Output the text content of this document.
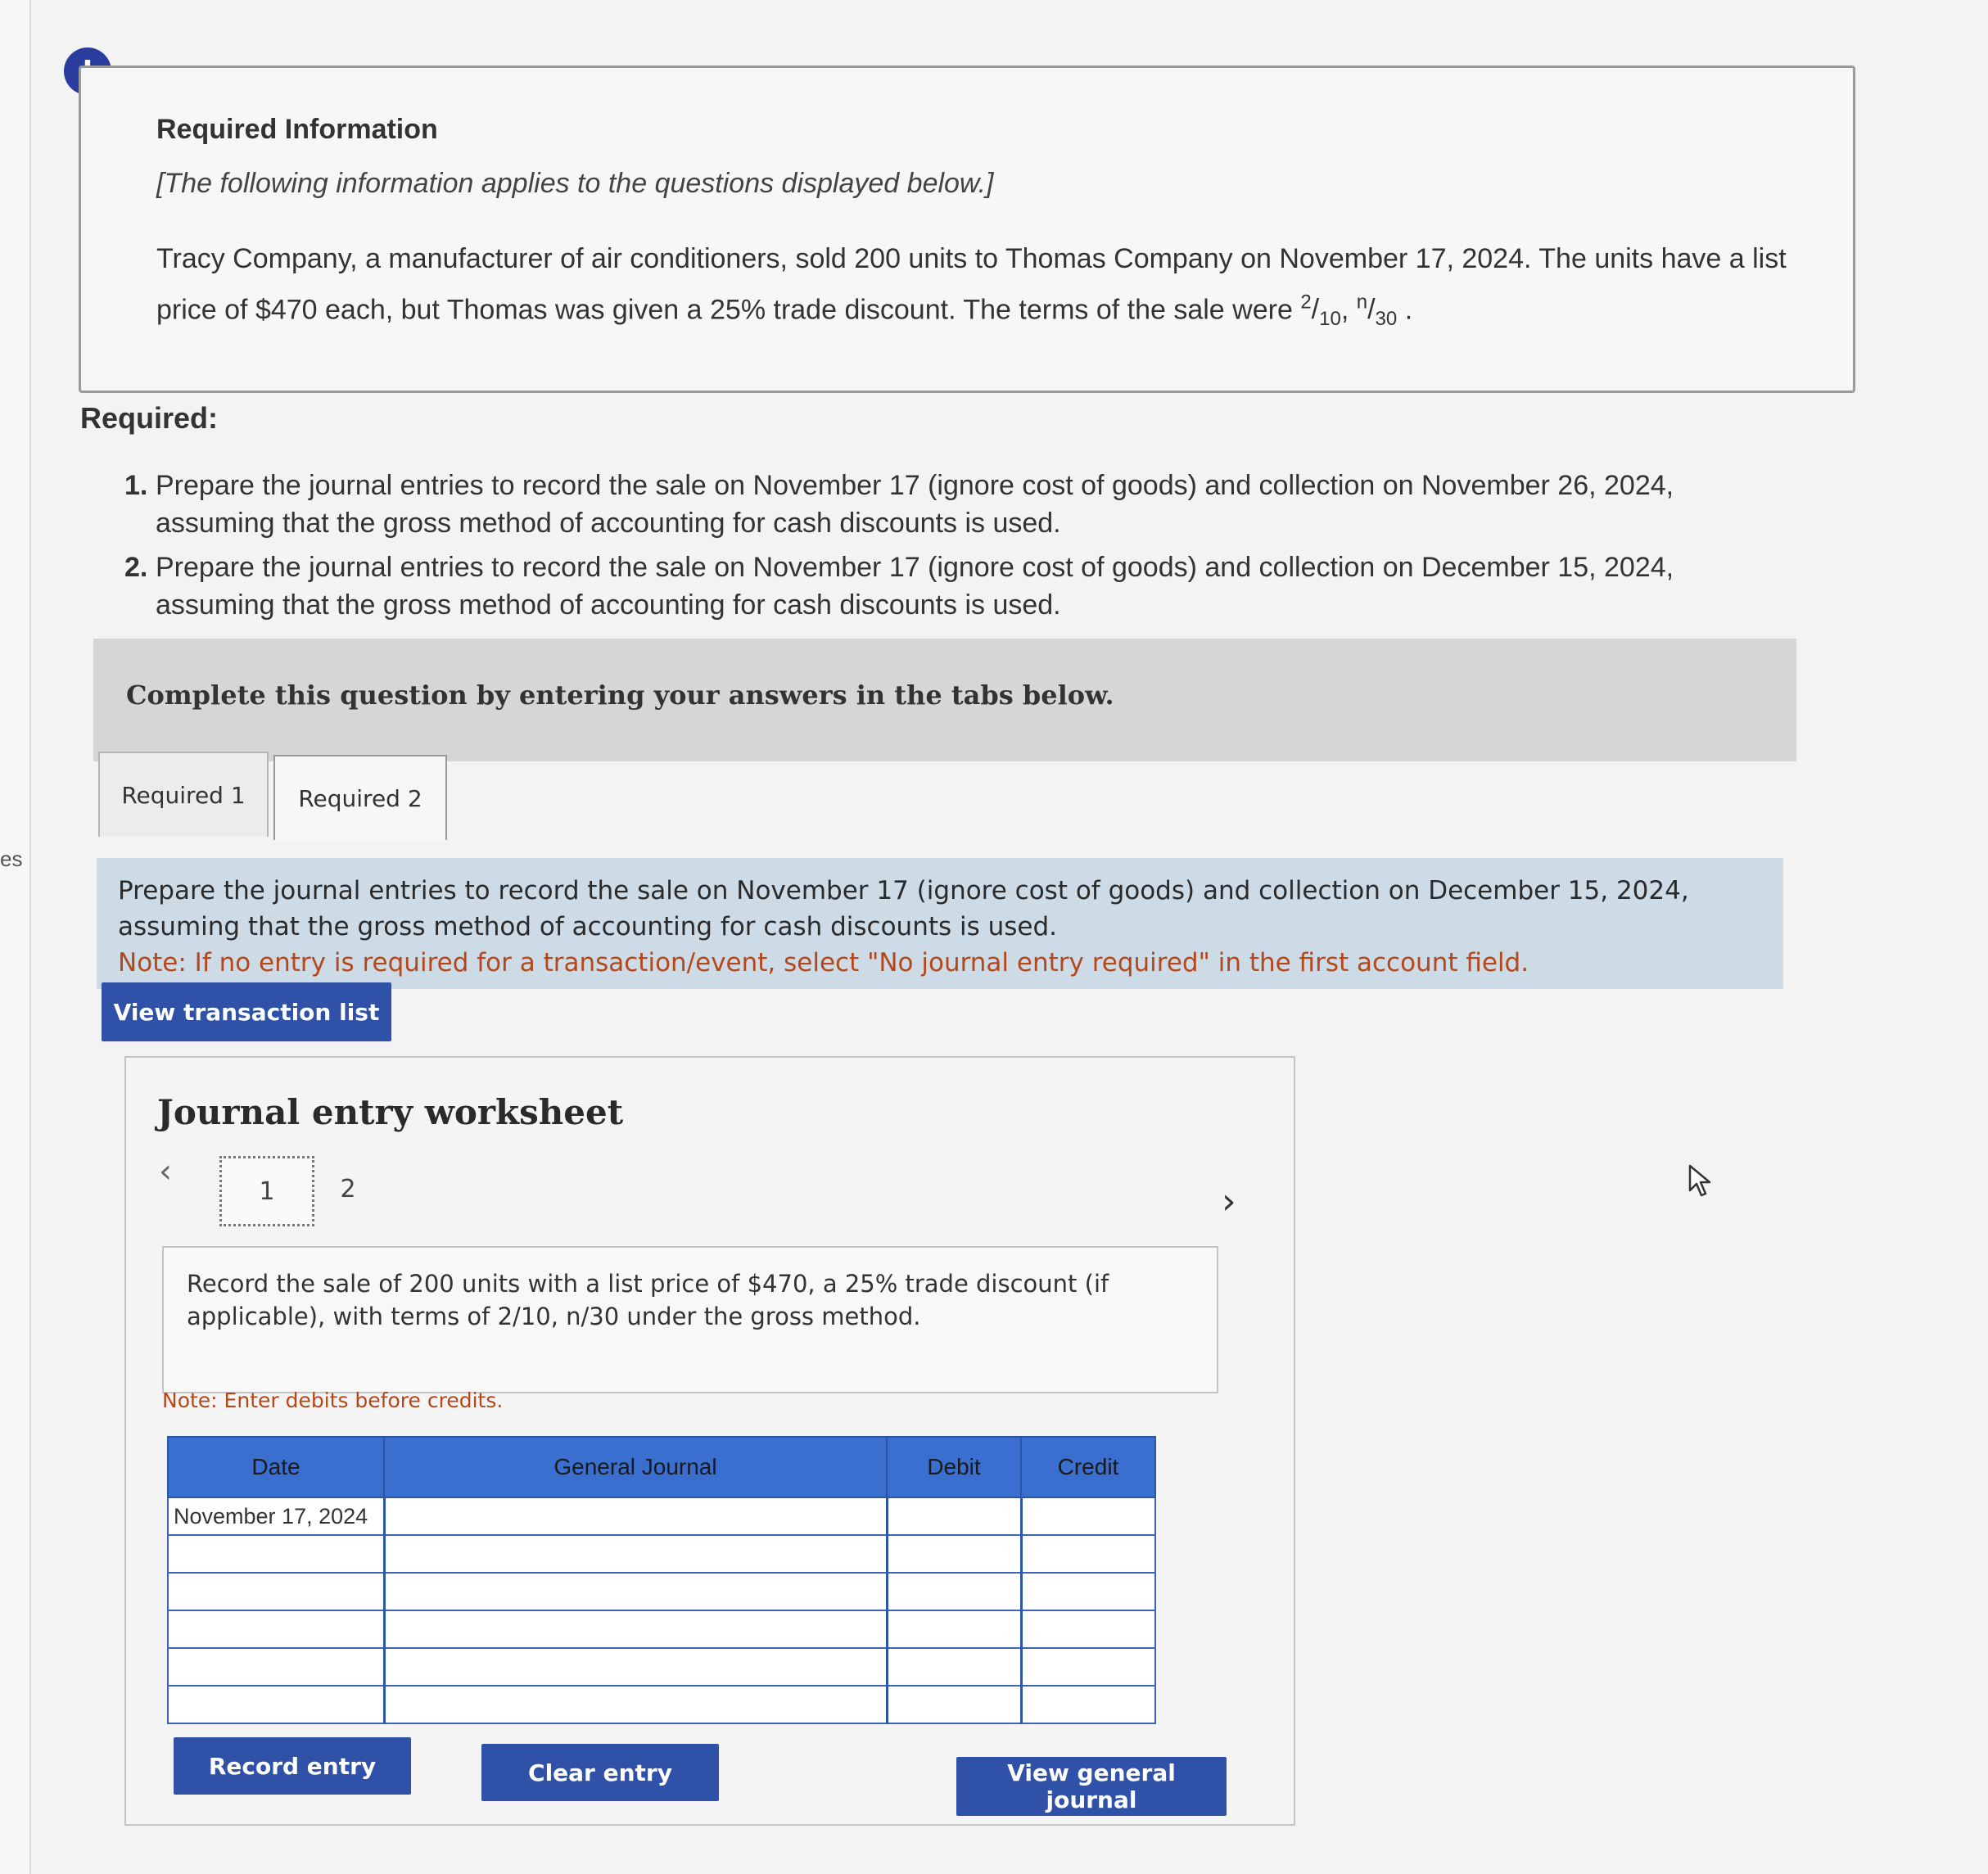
es
Required Information
[The following information applies to the questions displayed below.]
Tracy Company, a manufacturer of air conditioners, sold 200 units to Thomas Company on November 17, 2024. The units have a list price of $470 each, but Thomas was given a 25% trade discount. The terms of the sale were $^2/_{10}$, $^n/_{30}$ .
Required:
1. Prepare the journal entries to record the sale on November 17 (ignore cost of goods) and collection on November 26, 2024, assuming that the gross method of accounting for cash discounts is used.
2. Prepare the journal entries to record the sale on November 17 (ignore cost of goods) and collection on December 15, 2024, assuming that the gross method of accounting for cash discounts is used.
Complete this question by entering your answers in the tabs below.
Required 1	Required 2
Prepare the journal entries to record the sale on November 17 (ignore cost of goods) and collection on December 15, 2024, assuming that the gross method of accounting for cash discounts is used.
Note: If no entry is required for a transaction/event, select "No journal entry required" in the first account field.
View transaction list
Journal entry worksheet
‹
1	2
Record the sale of 200 units with a list price of $470, a 25% trade discount (if applicable), with terms of 2/10, n/30 under the gross method.
Note: Enter debits before credits.
Date	General Journal	Debit	Credit
November 17, 2024			

Record entry	Clear entry	View general journal
›
